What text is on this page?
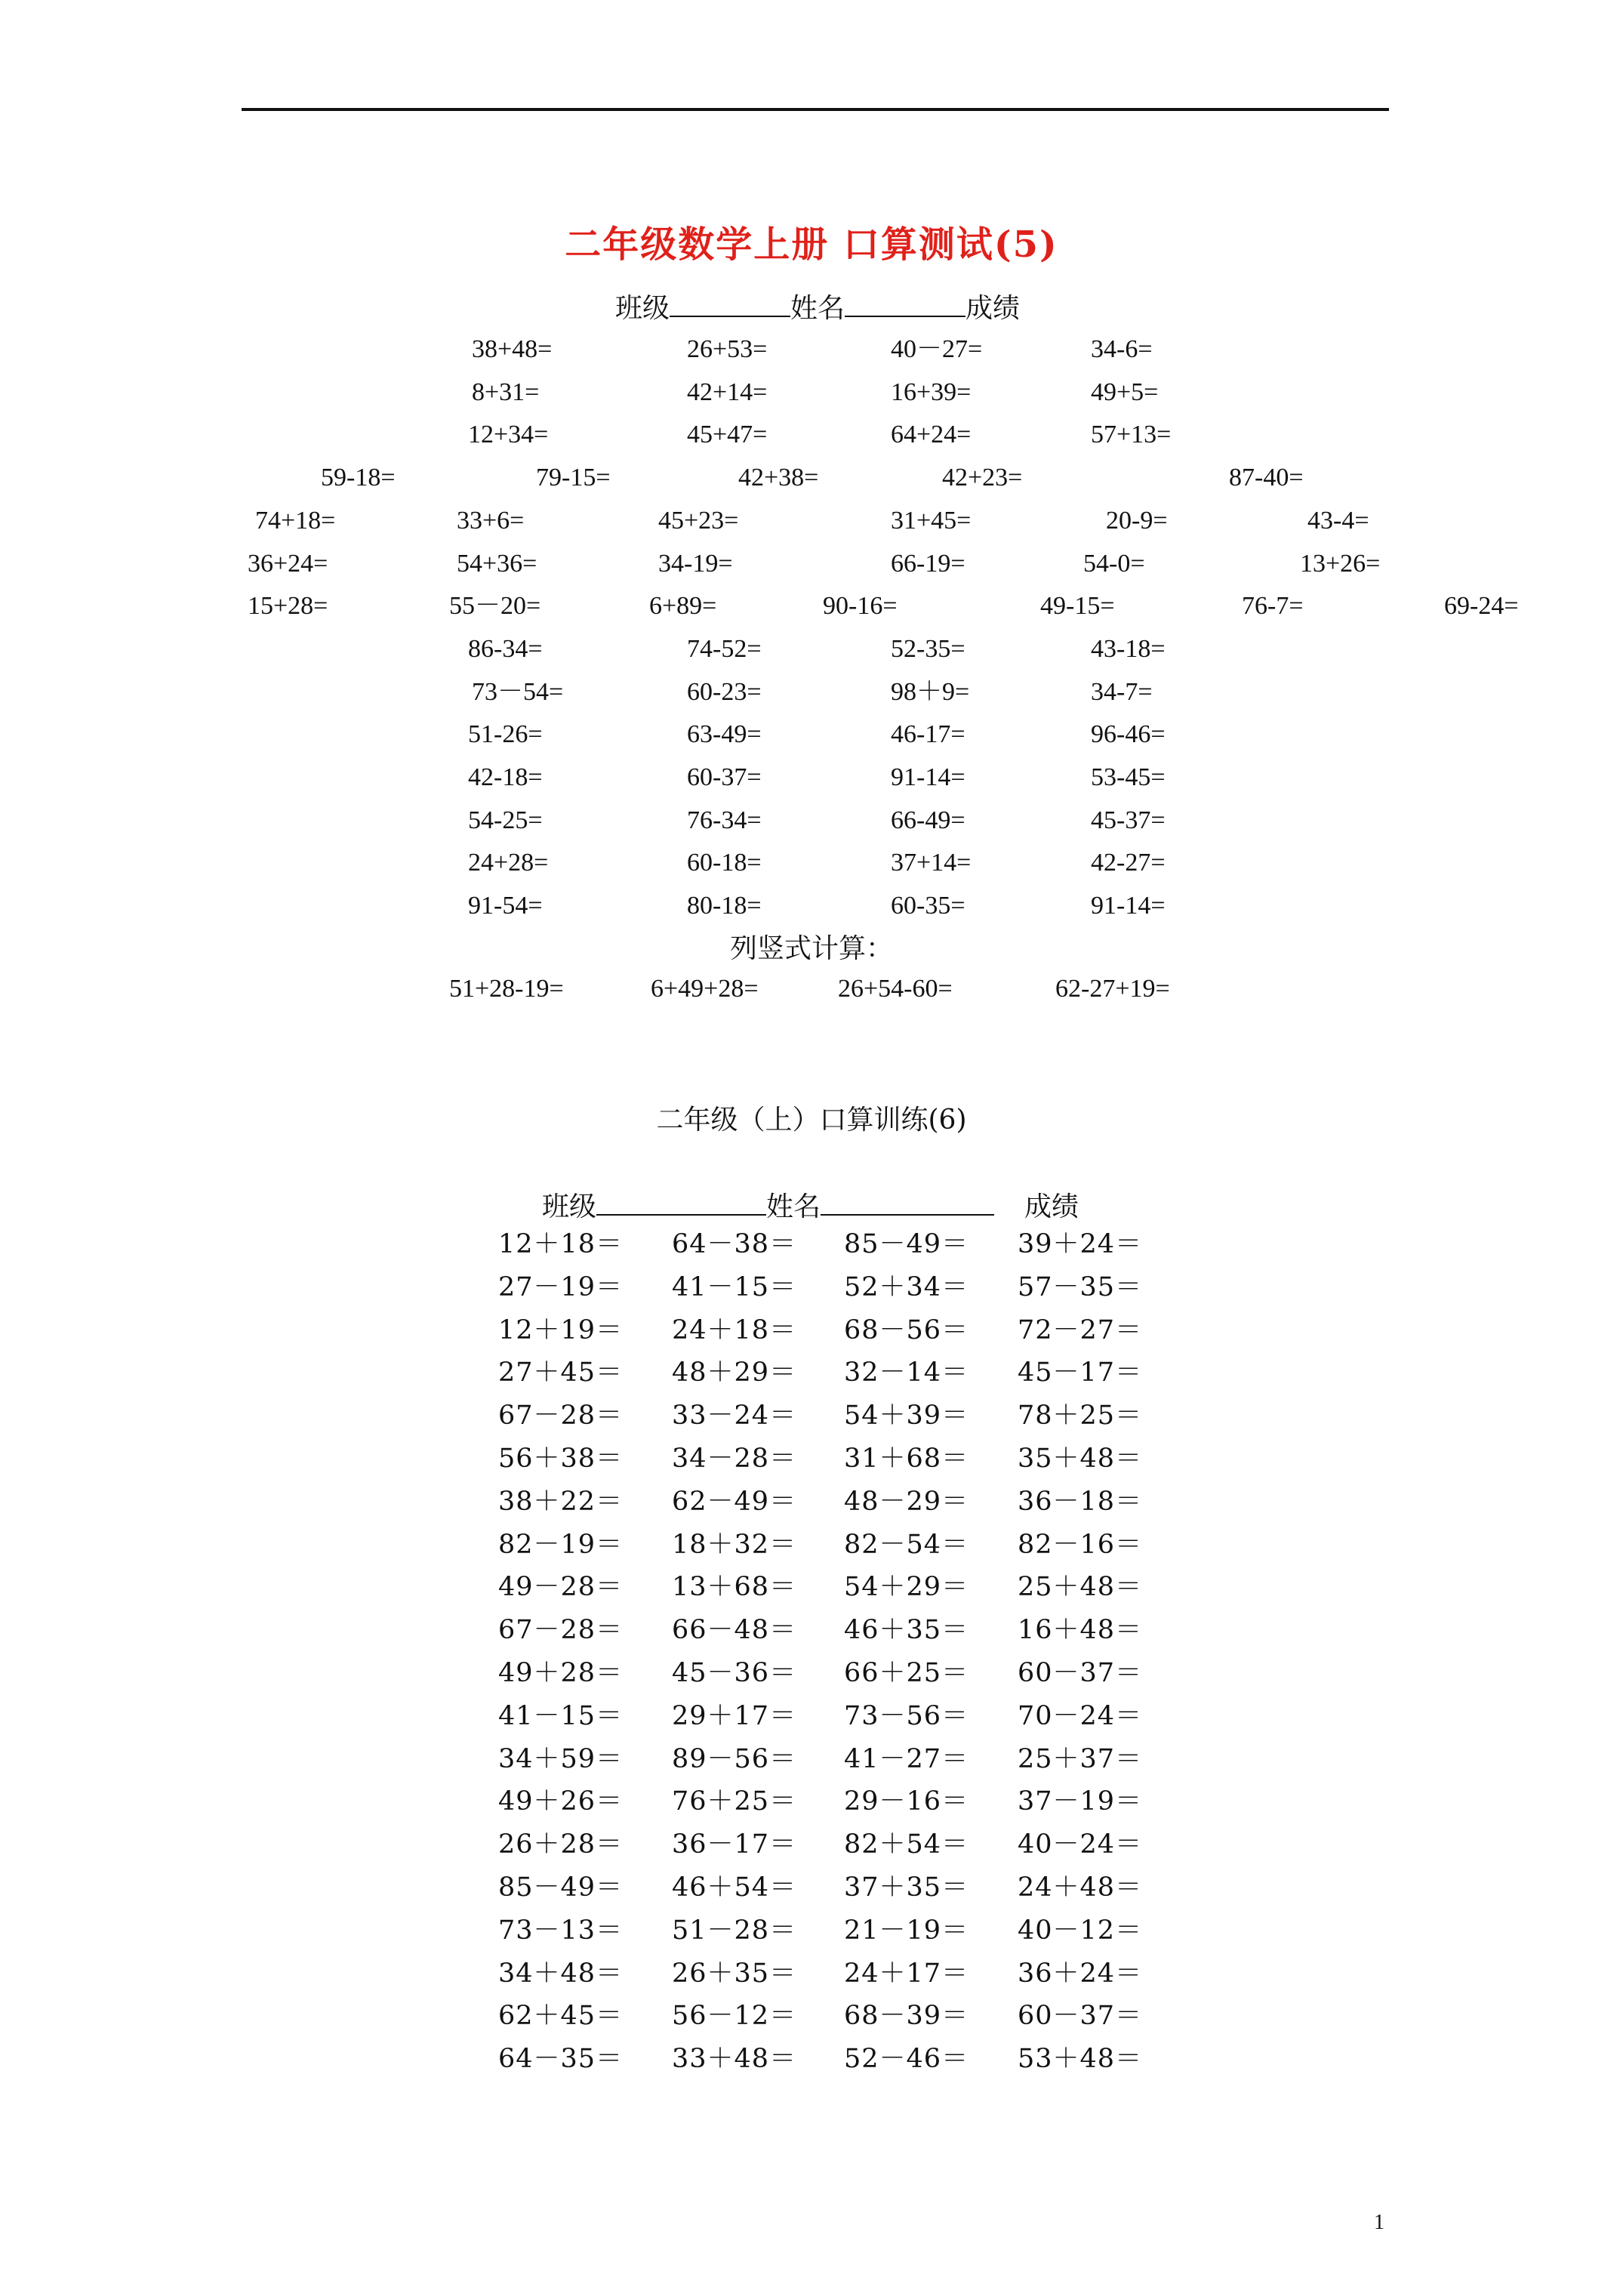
二年级数学上册 口算测试(5)
班级	姓名	成绩
38+48=	26+53=	40－27=	34-6=
8+31=	42+14=	16+39=	49+5=
12+34=	45+47=	64+24=	57+13=
59-18=	79-15=	42+38=	42+23=	87-40=
74+18=	33+6=	45+23=	31+45=	20-9=	43-4=
36+24=	54+36=	34-19=	66-19=	54-0=	13+26=
15+28=	55－20=	6+89=	90-16=	49-15=	76-7=	69-24=
86-34=	74-52=	52-35=	43-18=
73－54=	60-23=	98＋9=	34-7=
51-26=	63-49=	46-17=	96-46=
42-18=	60-37=	91-14=	53-45=
54-25=	76-34=	66-49=	45-37=
24+28=	60-18=	37+14=	42-27=
91-54=	80-18=	60-35=	91-14=
列竖式计算：
51+28-19=	6+49+28=	26+54-60=	62-27+19=
二年级（上）口算训练(6)
班级	姓名	成绩
12＋18＝ 64－38＝ 85－49＝ 39＋24＝
27－19＝ 41－15＝ 52＋34＝ 57－35＝
12＋19＝ 24＋18＝ 68－56＝ 72－27＝
27＋45＝ 48＋29＝ 32－14＝ 45－17＝
67－28＝ 33－24＝ 54＋39＝ 78＋25＝
56＋38＝ 34－28＝ 31＋68＝ 35＋48＝
38＋22＝ 62－49＝ 48－29＝ 36－18＝
82－19＝ 18＋32＝ 82－54＝ 82－16＝
49－28＝ 13＋68＝ 54＋29＝ 25＋48＝
67－28＝ 66－48＝ 46＋35＝ 16＋48＝
49＋28＝ 45－36＝ 66＋25＝ 60－37＝
41－15＝ 29＋17＝ 73－56＝ 70－24＝
34＋59＝ 89－56＝ 41－27＝ 25＋37＝
49＋26＝ 76＋25＝ 29－16＝ 37－19＝
26＋28＝ 36－17＝ 82＋54＝ 40－24＝
85－49＝ 46＋54＝ 37＋35＝ 24＋48＝
73－13＝ 51－28＝ 21－19＝ 40－12＝
34＋48＝ 26＋35＝ 24＋17＝ 36＋24＝
62＋45＝ 56－12＝ 68－39＝ 60－37＝
64－35＝ 33＋48＝ 52－46＝ 53＋48＝
1
